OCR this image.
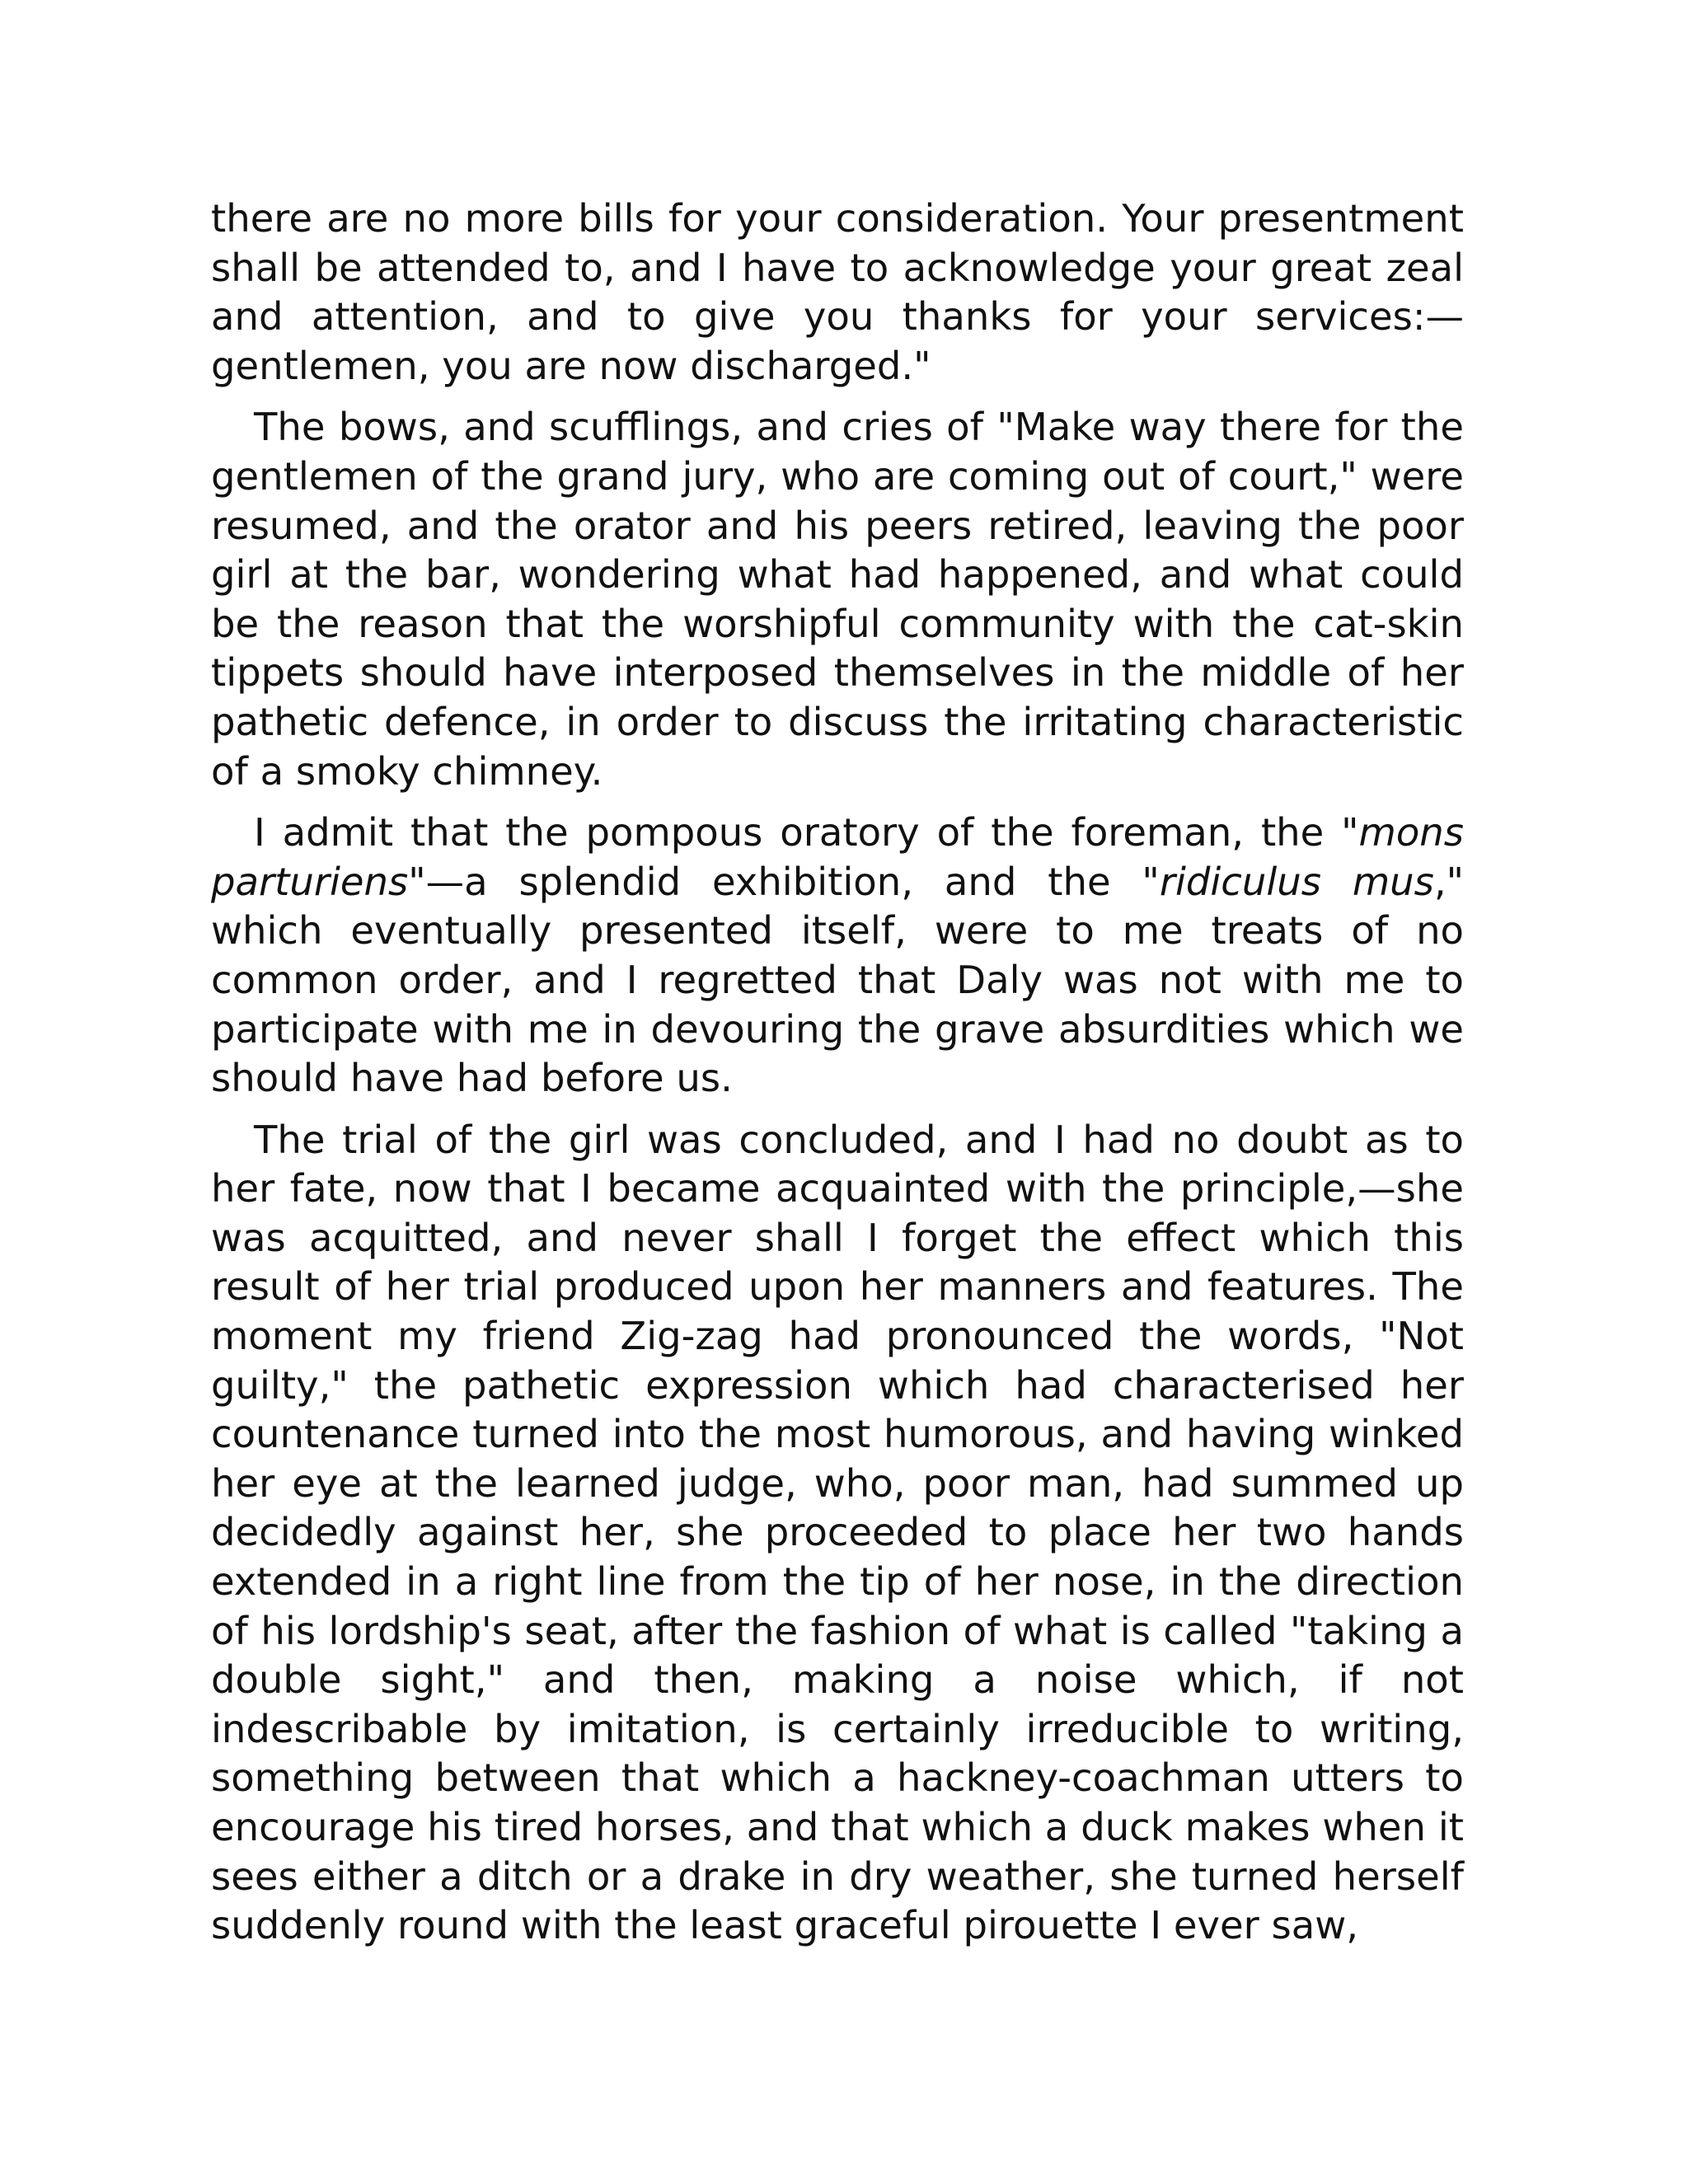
there are no more bills for your consideration. Your presentment shall be attended to, and I have to acknowledge your great zeal and attention, and to give you thanks for your services:—gentlemen, you are now discharged."

The bows, and scufflings, and cries of "Make way there for the gentlemen of the grand jury, who are coming out of court," were resumed, and the orator and his peers retired, leaving the poor girl at the bar, wondering what had happened, and what could be the reason that the worshipful community with the cat-skin tippets should have interposed themselves in the middle of her pathetic defence, in order to discuss the irritating characteristic of a smoky chimney.

I admit that the pompous oratory of the foreman, the "mons parturiens"—a splendid exhibition, and the "ridiculus mus," which eventually presented itself, were to me treats of no common order, and I regretted that Daly was not with me to participate with me in devouring the grave absurdities which we should have had before us.

The trial of the girl was concluded, and I had no doubt as to her fate, now that I became acquainted with the principle,—she was acquitted, and never shall I forget the effect which this result of her trial produced upon her manners and features. The moment my friend Zig-zag had pronounced the words, "Not guilty," the pathetic expression which had characterised her countenance turned into the most humorous, and having winked her eye at the learned judge, who, poor man, had summed up decidedly against her, she proceeded to place her two hands extended in a right line from the tip of her nose, in the direction of his lordship's seat, after the fashion of what is called "taking a double sight," and then, making a noise which, if not indescribable by imitation, is certainly irreducible to writing, something between that which a hackney-coachman utters to encourage his tired horses, and that which a duck makes when it sees either a ditch or a drake in dry weather, she turned herself suddenly round with the least graceful pirouette I ever saw,
